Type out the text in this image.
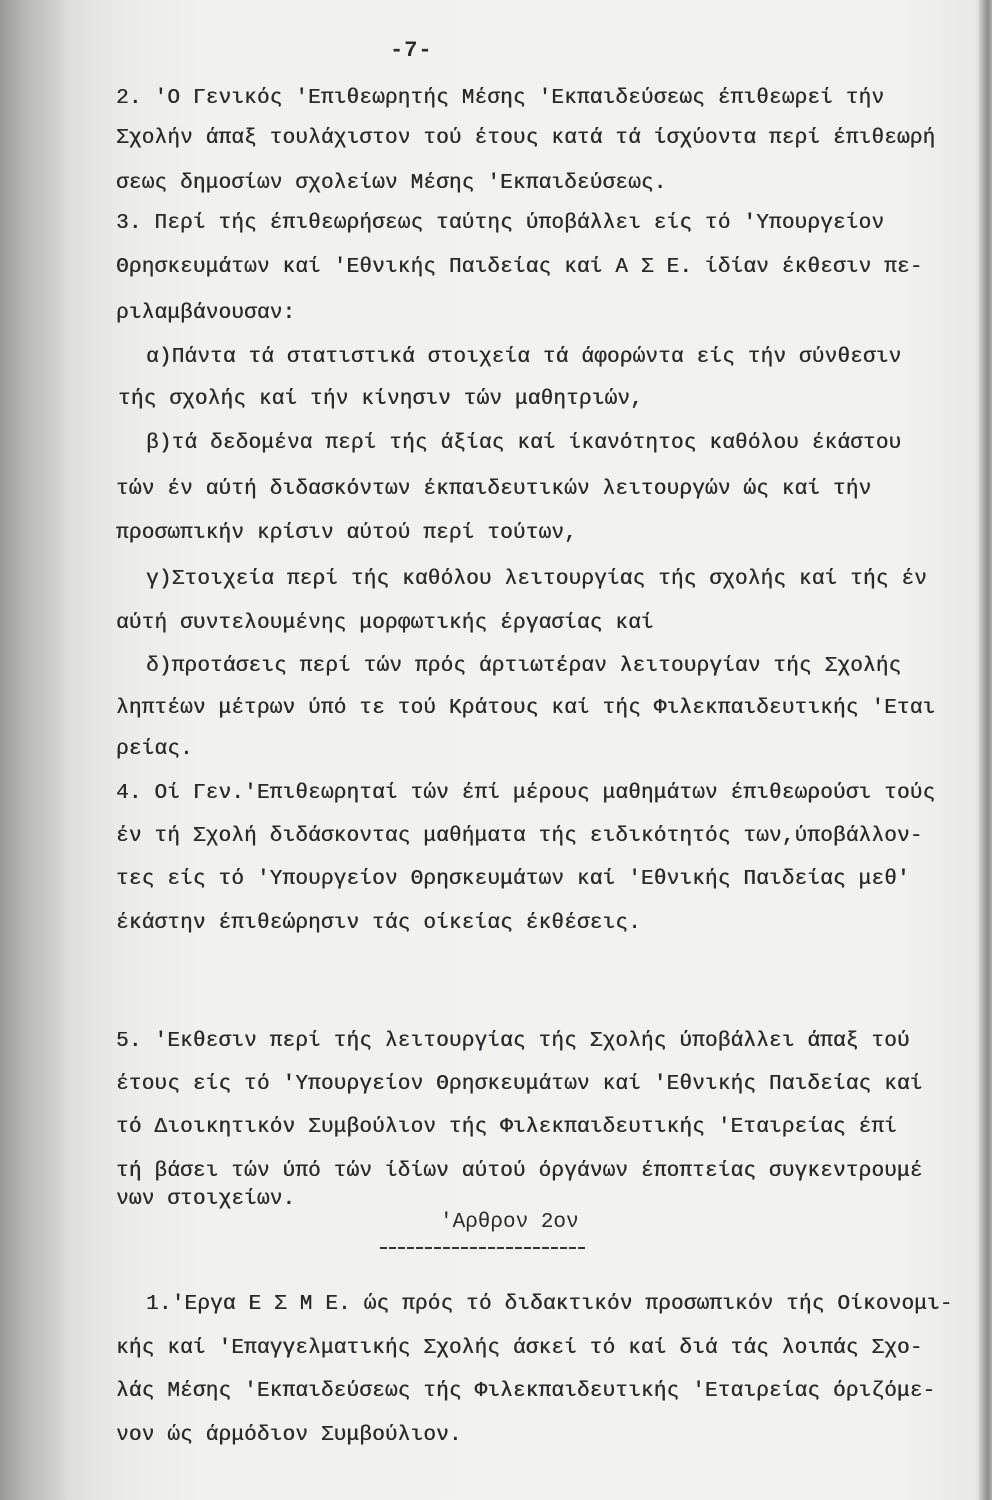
-7-
2. 'Ο Γενικός 'Επιθεωρητής Μέσης 'Εκπαιδεύσεως έπιθεωρεί τήν
Σχολήν άπαξ τουλάχιστον τού έτους κατά τά ίσχύοντα περί έπιθεωρή
σεως δημοσίων σχολείων Μέσης 'Εκπαιδεύσεως.
3. Περί τής έπιθεωρήσεως ταύτης ύποβάλλει είς τό 'Υπουργείον
Θρησκευμάτων καί 'Εθνικής Παιδείας καί Α Σ Ε. ίδίαν έκθεσιν πε-
ριλαμβάνουσαν:
α)Πάντα τά στατιστικά στοιχεία τά άφορώντα είς τήν σύνθεσιν
τής σχολής καί τήν κίνησιν τών μαθητριών,
β)τά δεδομένα περί τής άξίας καί ίκανότητος καθόλου έκάστου
τών έν αύτή διδασκόντων έκπαιδευτικών λειτουργών ώς καί τήν
προσωπικήν κρίσιν αύτού περί τούτων,
γ)Στοιχεία περί τής καθόλου λειτουργίας τής σχολής καί τής έν
αύτή συντελουμένης μορφωτικής έργασίας καί
δ)προτάσεις περί τών πρός άρτιωτέραν λειτουργίαν τής Σχολής
ληπτέων μέτρων ύπό τε τού Κράτους καί τής Φιλεκπαιδευτικής 'Εται
ρείας.
4. Οί Γεν.'Επιθεωρηταί τών έπί μέρους μαθημάτων έπιθεωρούσι τούς
έν τή Σχολή διδάσκοντας μαθήματα τής ειδικότητός των,ύποβάλλον-
τες είς τό 'Υπουργείον Θρησκευμάτων καί 'Εθνικής Παιδείας μεθ'
έκάστην έπιθεώρησιν τάς οίκείας έκθέσεις.
5. 'Εκθεσιν περί τής λειτουργίας τής Σχολής ύποβάλλει άπαξ τού
έτους είς τό 'Υπουργείον Θρησκευμάτων καί 'Εθνικής Παιδείας καί
τό Διοικητικόν Συμβούλιον τής Φιλεκπαιδευτικής 'Εταιρείας έπί
τή βάσει τών ύπό τών ίδίων αύτού όργάνων έποπτείας συγκεντρουμέ
νων στοιχείων.
'Αρθρον 2ον
1.'Εργα Ε Σ Μ Ε. ώς πρός τό διδακτικόν προσωπικόν τής Οίκονομι-
κής καί 'Επαγγελματικής Σχολής άσκεί τό καί διά τάς λοιπάς Σχο-
λάς Μέσης 'Εκπαιδεύσεως τής Φιλεκπαιδευτικής 'Εταιρείας όριζόμε-
νον ώς άρμόδιον Συμβούλιον.
